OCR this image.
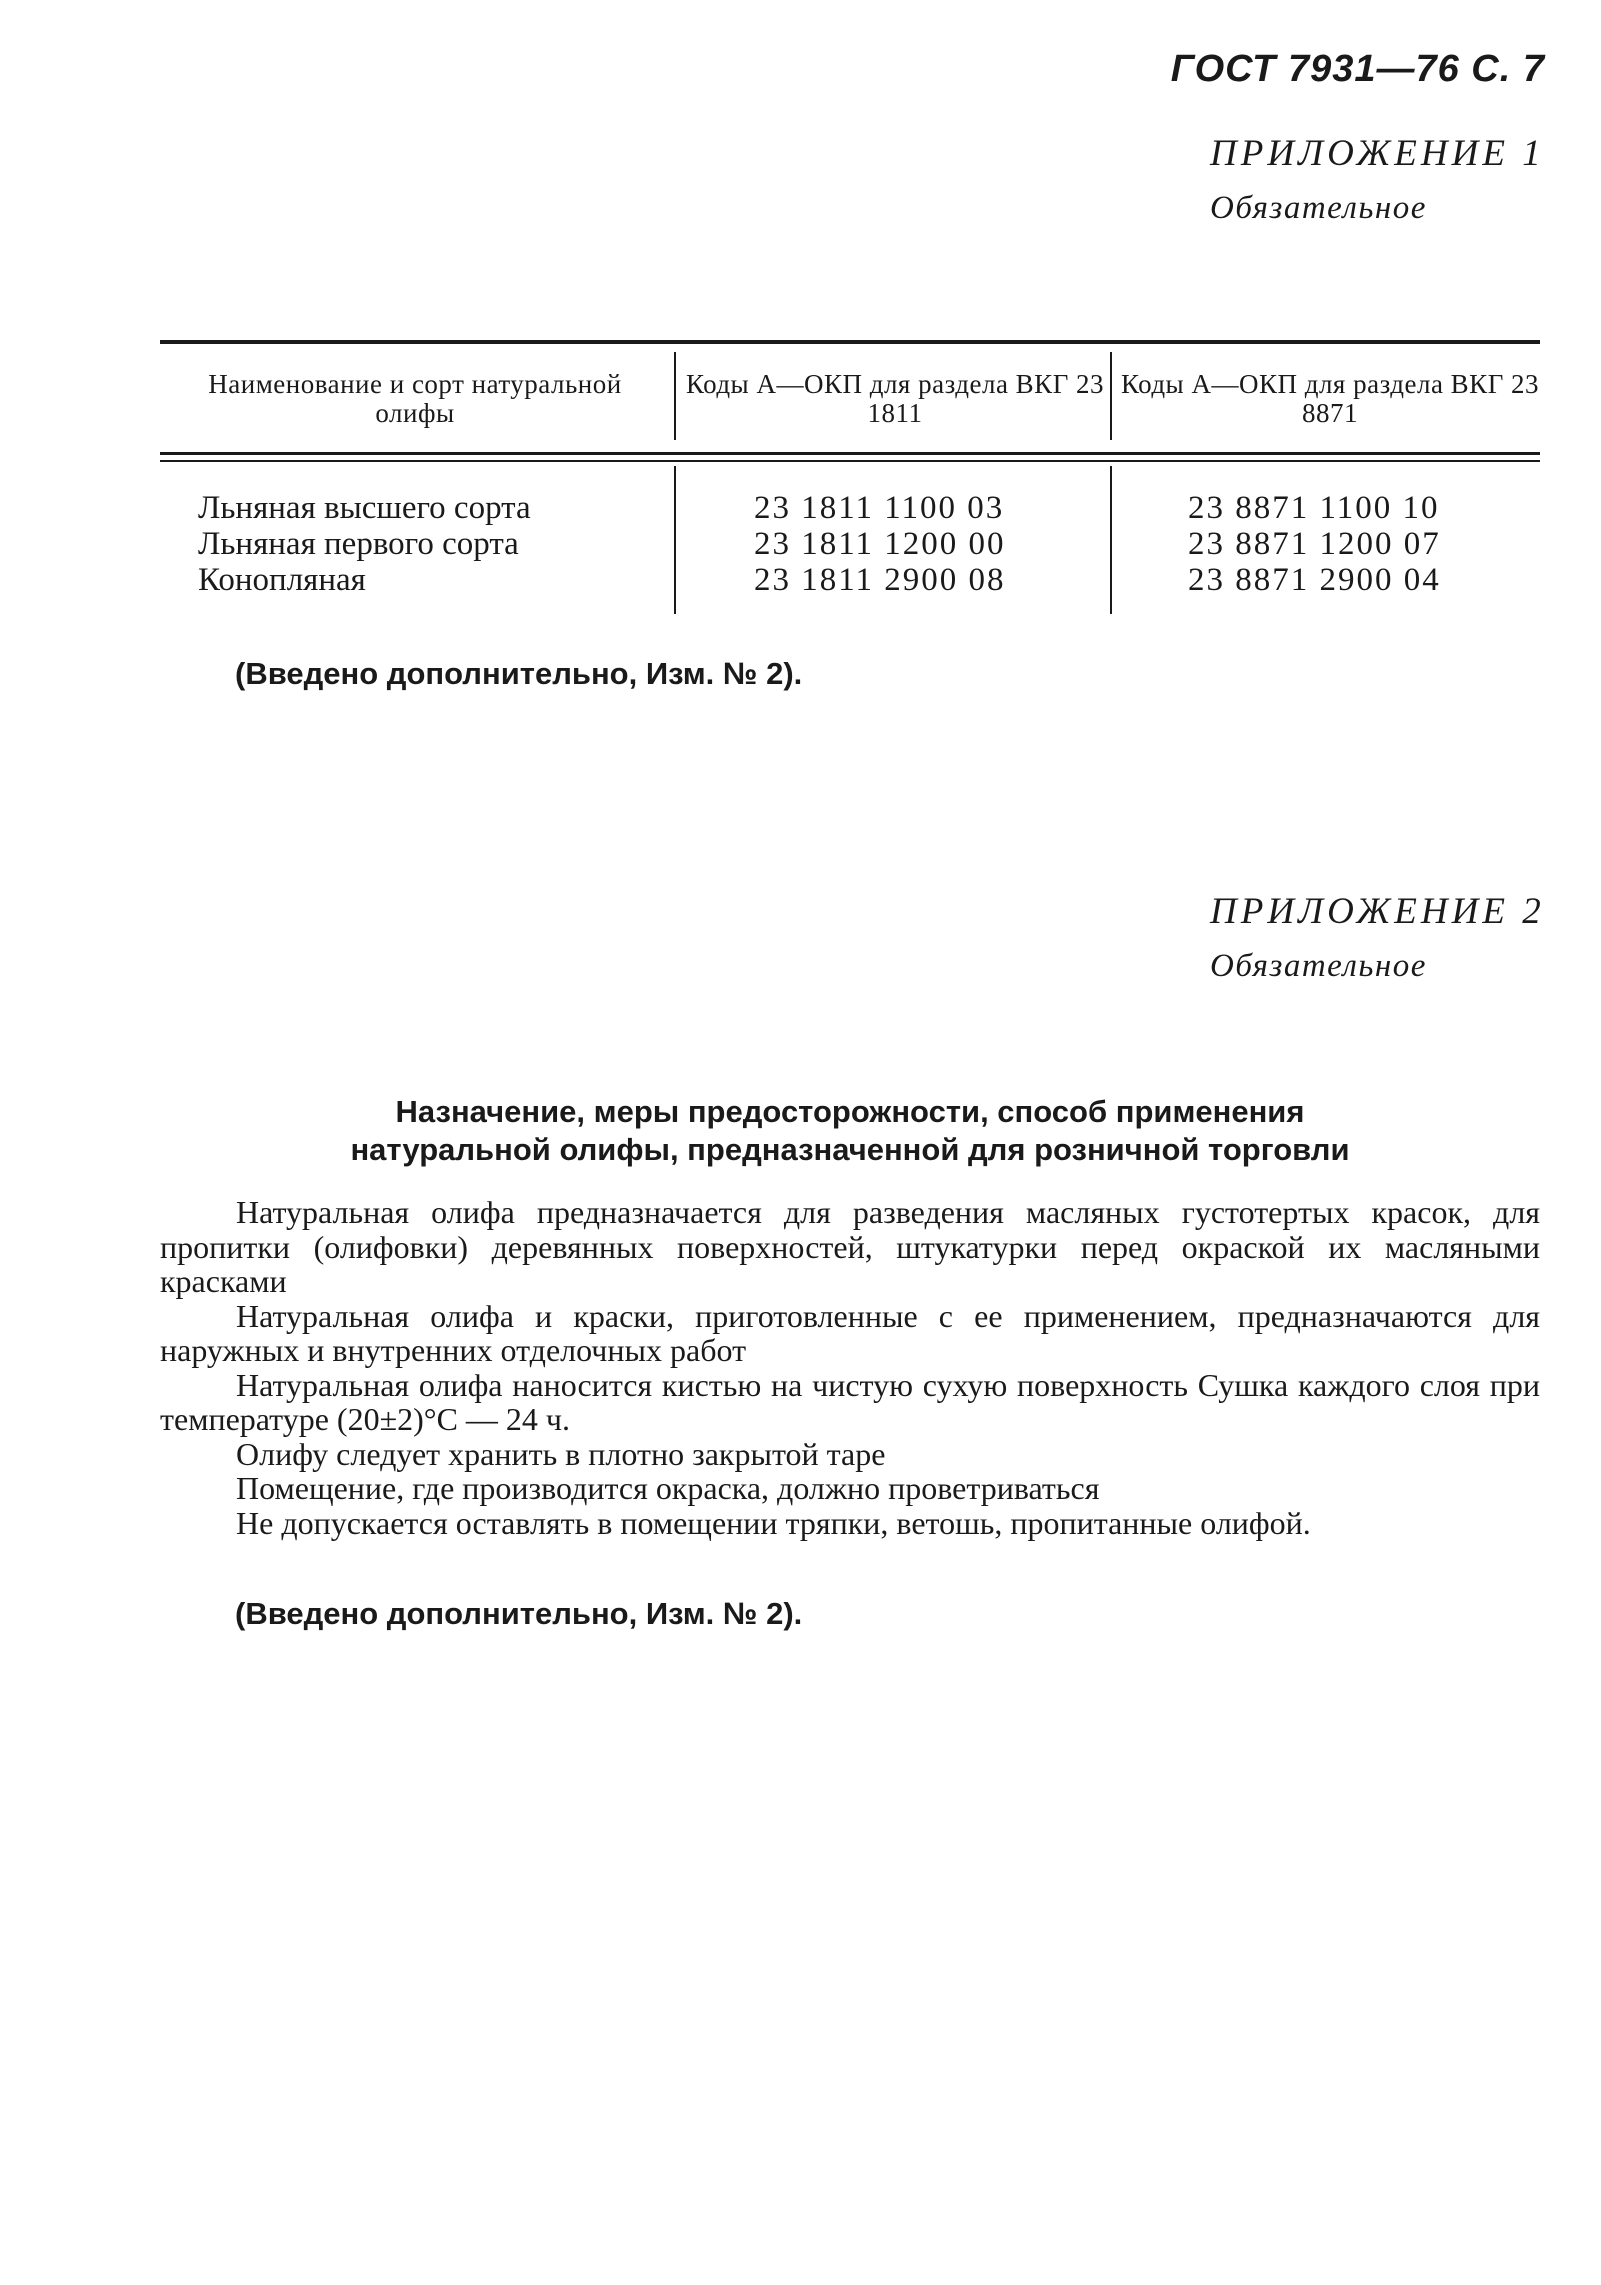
ГОСТ 7931—76 С. 7
ПРИЛОЖЕНИЕ 1
Обязательное
Наименование и сорт натуральной олифы
Коды А—ОКП для раздела ВКГ 23 1811
Коды А—ОКП для раздела ВКГ 23 8871
Льняная высшего сорта
Льняная первого сорта
Конопляная
23 1811 1100 03
23 1811 1200 00
23 1811 2900 08
23 8871 1100 10
23 8871 1200 07
23 8871 2900 04
(Введено дополнительно, Изм. № 2).
ПРИЛОЖЕНИЕ 2
Обязательное
Назначение, меры предосторожности, способ применения
натуральной олифы, предназначенной для розничной торговли

Натуральная олифа предназначается для разведения масляных густотертых красок, для пропитки (олифовки) деревянных поверхностей, штукатурки перед окраской их масляными красками

Натуральная олифа и краски, приготовленные с ее применением, предназначаются для наружных и внутренних отделочных работ

Натуральная олифа наносится кистью на чистую сухую поверхность Сушка каждого слоя при температуре (20±2)°С — 24 ч.

Олифу следует хранить в плотно закрытой таре

Помещение, где производится окраска, должно проветриваться

Не допускается оставлять в помещении тряпки, ветошь, пропитанные олифой.

(Введено дополнительно, Изм. № 2).
